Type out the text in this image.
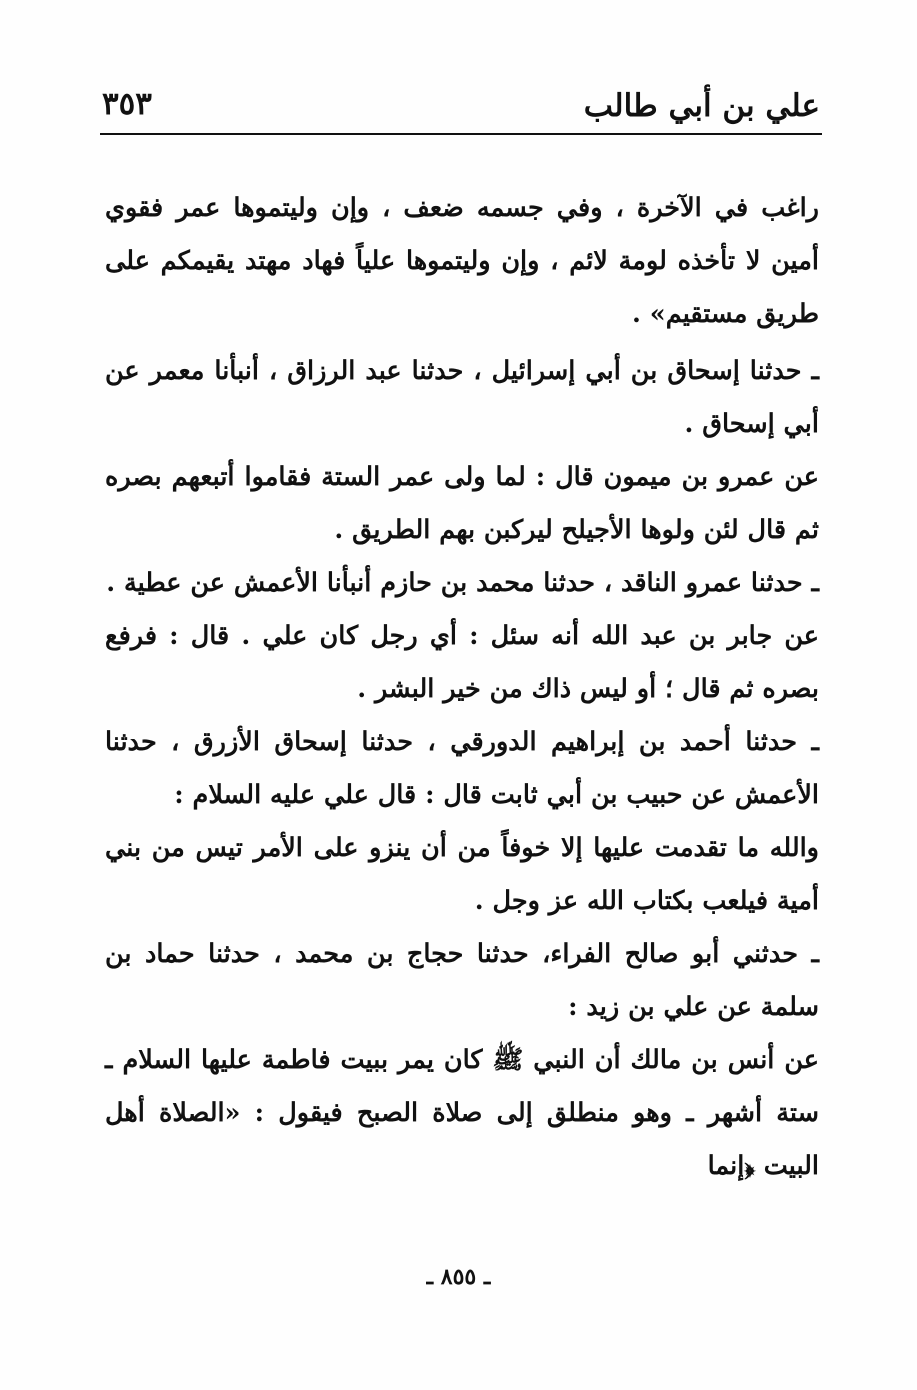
علي بن أبي طالب
٣٥٣

راغب في الآخرة ، وفي جسمه ضعف ، وإن وليتموها عمر فقوي أمين لا تأخذه لومة لائم ، وإن وليتموها علياً فهاد مهتد يقيمكم على طريق مستقيم» .

ـ حدثنا إسحاق بن أبي إسرائيل ، حدثنا عبد الرزاق ، أنبأنا معمر عن أبي إسحاق .

عن عمرو بن ميمون قال : لما ولى عمر الستة فقاموا أتبعهم بصره ثم قال لئن ولوها الأجيلح ليركبن بهم الطريق .

ـ حدثنا عمرو الناقد ، حدثنا محمد بن حازم أنبأنا الأعمش عن عطية .

عن جابر بن عبد الله أنه سئل : أي رجل كان علي . قال : فرفع بصره ثم قال ؛ أو ليس ذاك من خير البشر .

ـ حدثنا أحمد بن إبراهيم الدورقي ، حدثنا إسحاق الأزرق ، حدثنا الأعمش عن حبيب بن أبي ثابت قال : قال علي عليه السلام :

والله ما تقدمت عليها إلا خوفاً من أن ينزو على الأمر تيس من بني أمية فيلعب بكتاب الله عز وجل .

ـ حدثني أبو صالح الفراء، حدثنا حجاج بن محمد ، حدثنا حماد بن سلمة عن علي بن زيد :

عن أنس بن مالك أن النبي ﷺ كان يمر ببيت فاطمة عليها السلام ـ ستة أشهر ـ وهو منطلق إلى صلاة الصبح فيقول : «الصلاة أهل البيت ﴿إنما

ـ ٨٥٥ ـ
